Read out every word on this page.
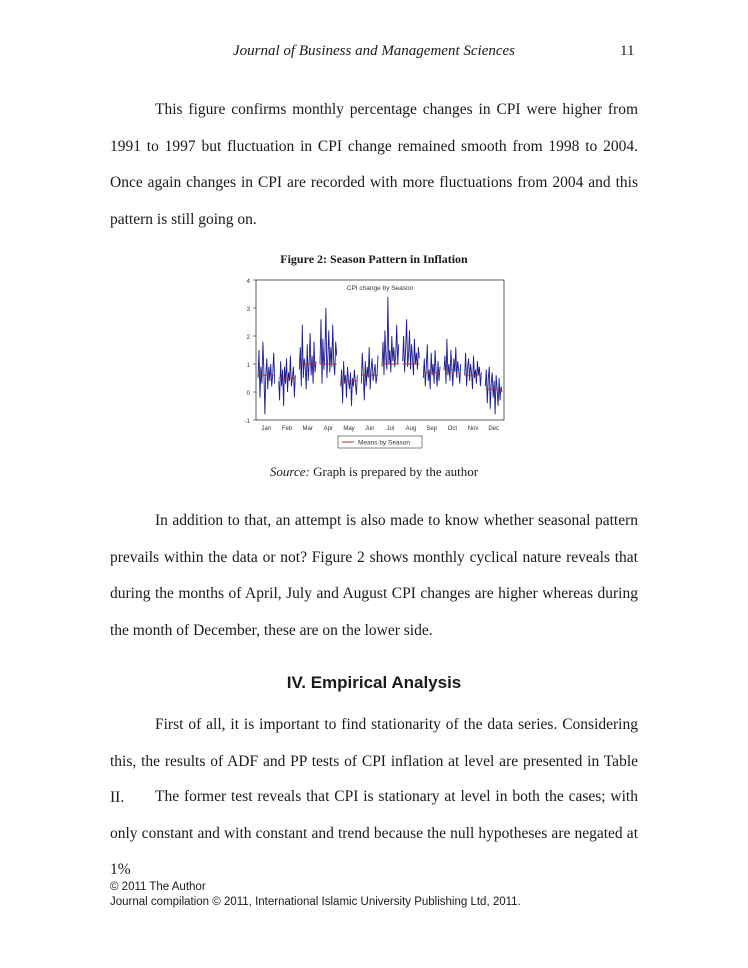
Journal of Business and Management Sciences	11

This figure confirms monthly percentage changes in CPI were higher from 1991 to 1997 but fluctuation in CPI change remained smooth from 1998 to 2004. Once again changes in CPI are recorded with more fluctuations from 2004 and this pattern is still going on.

Figure 2: Season Pattern in Inflation
4
3
2
1
0
-1
CPI change by Season
Jan Feb Mar Apr May Jun Jul Aug Sep Oct Nov Dec
Means by Season
Source: Graph is prepared by the author

In addition to that, an attempt is also made to know whether seasonal pattern prevails within the data or not? Figure 2 shows monthly cyclical nature reveals that during the months of April, July and August CPI changes are higher whereas during the month of December, these are on the lower side.

IV. Empirical Analysis

First of all, it is important to find stationarity of the data series. Considering this, the results of ADF and PP tests of CPI inflation at level are presented in Table II.	The former test reveals that CPI is stationary at level in both the cases; with only constant and with constant and trend because the null hypotheses are negated at 1%

© 2011 The Author
Journal compilation © 2011, International Islamic University Publishing Ltd, 2011.
